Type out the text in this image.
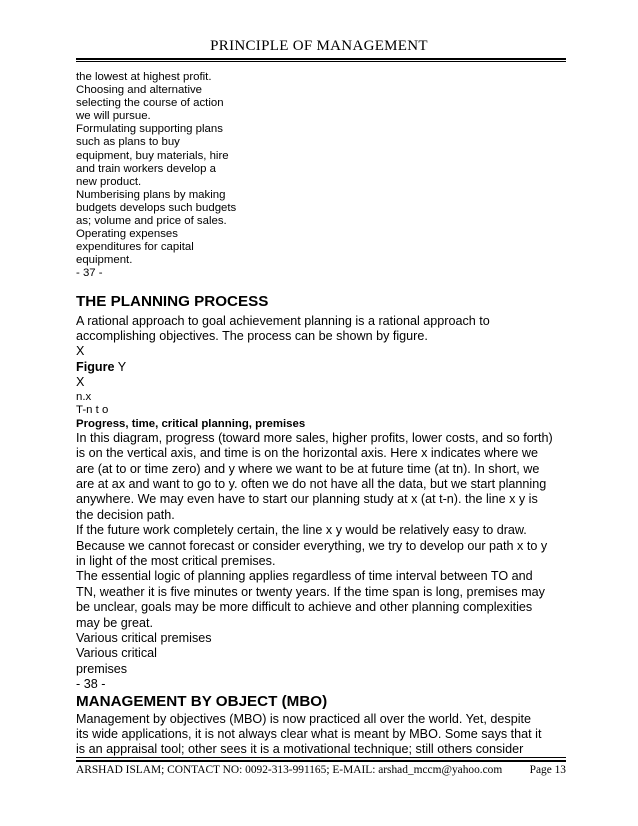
PRINCIPLE OF MANAGEMENT

the lowest at highest profit.

Choosing and alternative

selecting the course of action

we will pursue.

Formulating supporting plans

such as plans to buy

equipment, buy materials, hire

and train workers develop a

new product.

Numberising plans by making

budgets develops such budgets

as; volume and price of sales.

Operating expenses

expenditures for capital

equipment.

- 37 -

THE PLANNING PROCESS

A rational approach to goal achievement planning is a rational approach to

accomplishing objectives. The process can be shown by figure.

X

Figure Y

X

n.x

T-n t o

Progress, time, critical planning, premises

In this diagram, progress (toward more sales, higher profits, lower costs, and so forth)

is on the vertical axis, and time is on the horizontal axis. Here x indicates where we

are (at to or time zero) and y where we want to be at future time (at tn). In short, we

are at ax and want to go to y. often we do not have all the data, but we start planning

anywhere. We may even have to start our planning study at x (at t-n). the line x y is

the decision path.

If the future work completely certain, the line x y would be relatively easy to draw.

Because we cannot forecast or consider everything, we try to develop our path x to y

in light of the most critical premises.

The essential logic of planning applies regardless of time interval between TO and

TN, weather it is five minutes or twenty years. If the time span is long, premises may

be unclear, goals may be more difficult to achieve and other planning complexities

may be great.

Various critical premises

Various critical

premises

- 38 -

MANAGEMENT BY OBJECT (MBO)

Management by objectives (MBO) is now practiced all over the world. Yet, despite

its wide applications, it is not always clear what is meant by MBO. Some says that it

is an appraisal tool; other sees it is a motivational technique; still others consider

ARSHAD ISLAM; CONTACT NO: 0092-313-991165; E-MAIL: arshad_mccm@yahoo.com Page 13
